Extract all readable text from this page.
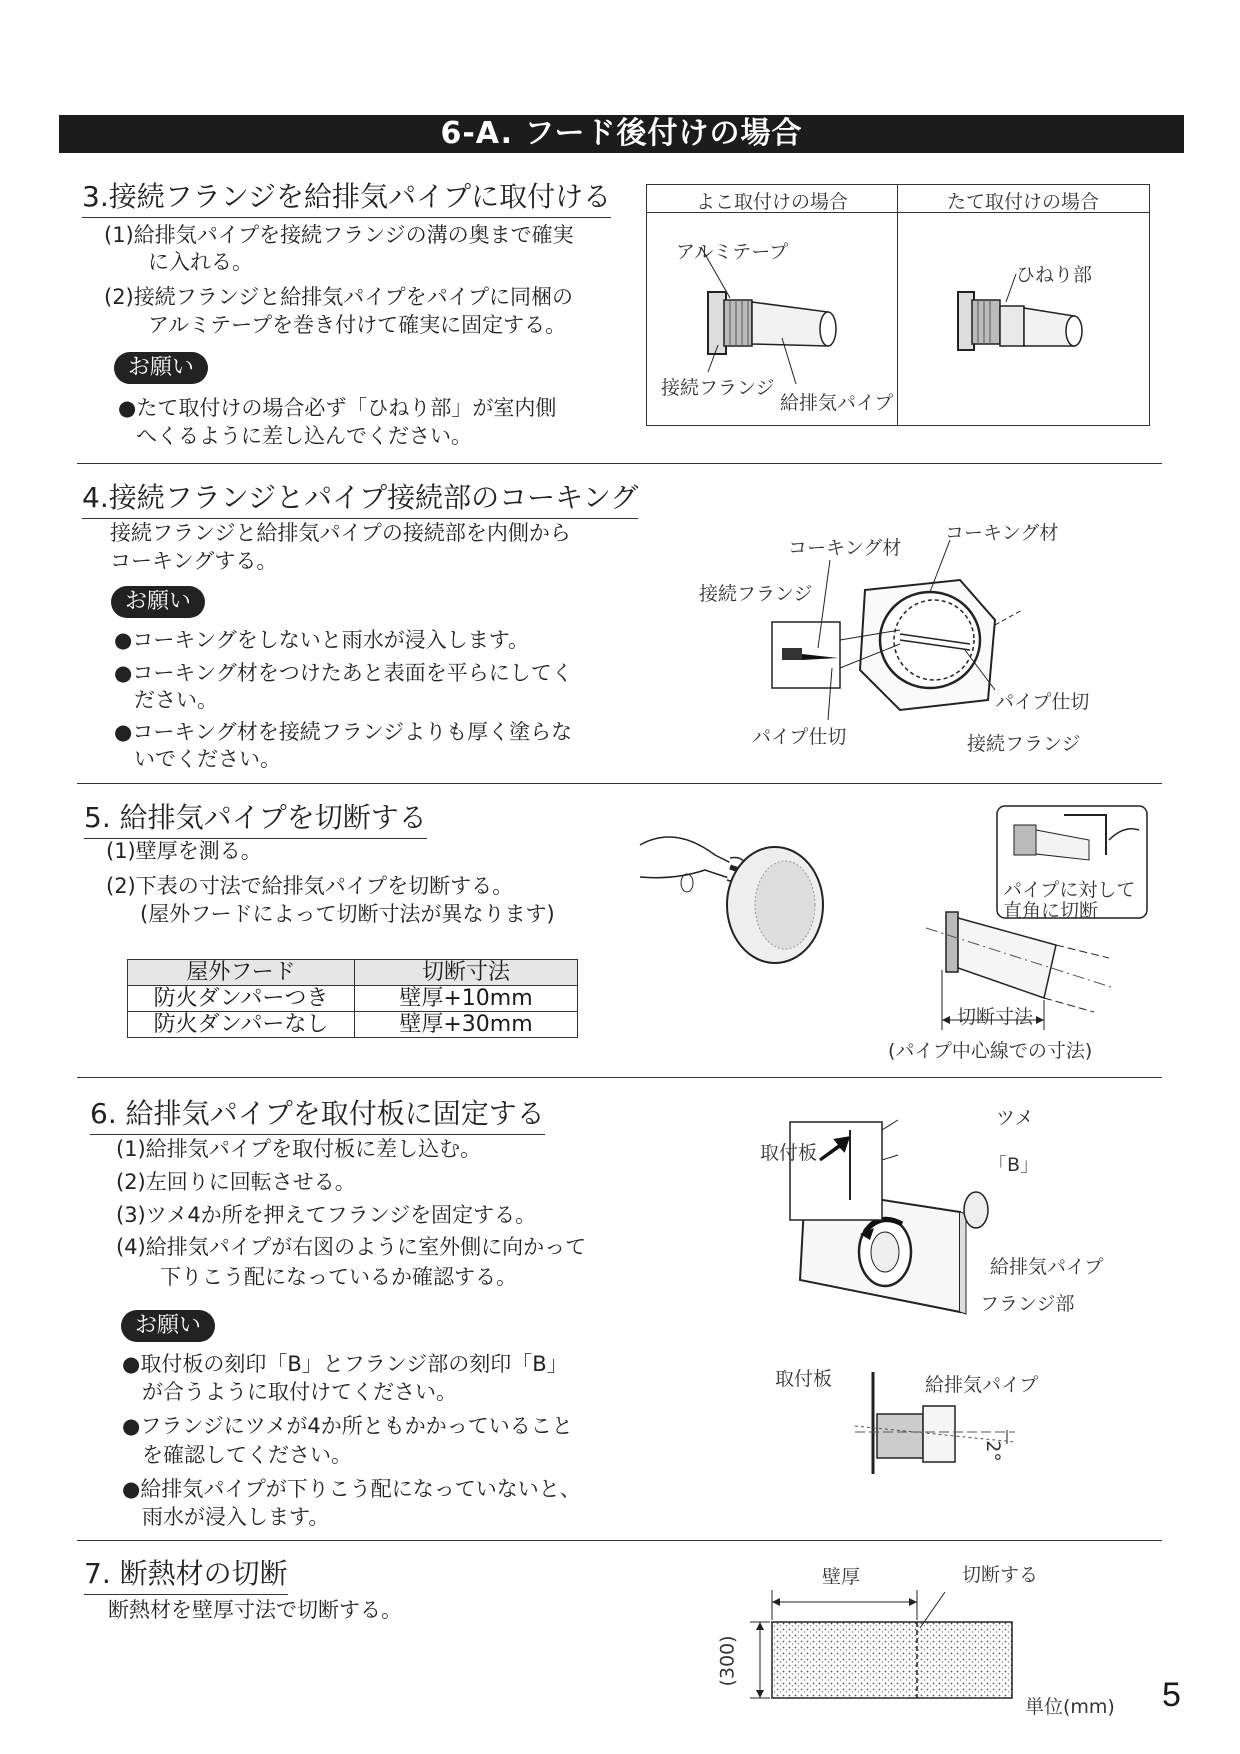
6-A. フード後付けの場合
3.接続フランジを給排気パイプに取付ける
(1)給排気パイプを接続フランジの溝の奥まで確実
に入れる。
(2)接続フランジと給排気パイプをパイプに同梱の
アルミテープを巻き付けて確実に固定する。
お願い
●たて取付けの場合必ず「ひねり部」が室内側
へくるように差し込んでください。
よこ取付けの場合	たて取付けの場合
アルミテープ
接続フランジ
給排気パイプ
ひねり部
4.接続フランジとパイプ接続部のコーキング
接続フランジと給排気パイプの接続部を内側から
コーキングする。
お願い
●コーキングをしないと雨水が浸入します。
●コーキング材をつけたあと表面を平らにしてく
ださい。
●コーキング材を接続フランジよりも厚く塗らな
いでください。
コーキング材
コーキング材
接続フランジ
パイプ仕切
パイプ仕切	接続フランジ
5. 給排気パイプを切断する
(1)壁厚を測る。
(2)下表の寸法で給排気パイプを切断する。
(屋外フードによって切断寸法が異なります)
屋外フード	切断寸法
防火ダンパーつき	壁厚+10mm
防火ダンパーなし	壁厚+30mm
パイプに対して
直角に切断
切断寸法
(パイプ中心線での寸法)
6. 給排気パイプを取付板に固定する
(1)給排気パイプを取付板に差し込む。
(2)左回りに回転させる。
(3)ツメ4か所を押えてフランジを固定する。
(4)給排気パイプが右図のように室外側に向かって
下りこう配になっているか確認する。
お願い
●取付板の刻印「B」とフランジ部の刻印「B」
が合うように取付けてください。
●フランジにツメが4か所ともかかっていること
を確認してください。
●給排気パイプが下りこう配になっていないと、
雨水が浸入します。
取付板
ツメ
「B」
給排気パイプ
フランジ部
取付板	給排気パイプ
2°
7. 断熱材の切断
断熱材を壁厚寸法で切断する。
壁厚	切断する
(300)
単位(mm) 5
